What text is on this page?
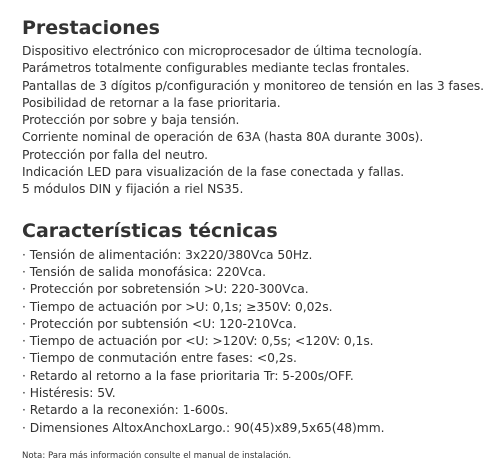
Prestaciones
Dispositivo electrónico con microprocesador de última tecnología.
Parámetros totalmente configurables mediante teclas frontales.
Pantallas de 3 dígitos p/configuración y monitoreo de tensión en las 3 fases.
Posibilidad de retornar a la fase prioritaria.
Protección por sobre y baja tensión.
Corriente nominal de operación de 63A (hasta 80A durante 300s).
Protección por falla del neutro.
Indicación LED para visualización de la fase conectada y fallas.
5 módulos DIN y fijación a riel NS35.
Características técnicas
· Tensión de alimentación: 3x220/380Vca 50Hz.
· Tensión de salida monofásica: 220Vca.
· Protección por sobretensión >U: 220-300Vca.
· Tiempo de actuación por >U: 0,1s; ≥350V: 0,02s.
· Protección por subtensión <U: 120-210Vca.
· Tiempo de actuación por <U: >120V: 0,5s; <120V: 0,1s.
· Tiempo de conmutación entre fases: <0,2s.
· Retardo al retorno a la fase prioritaria Tr: 5-200s/OFF.
· Histéresis: 5V.
· Retardo a la reconexión: 1-600s.
· Dimensiones AltoxAnchoxLargo.: 90(45)x89,5x65(48)mm.
Nota: Para más información consulte el manual de instalación.
